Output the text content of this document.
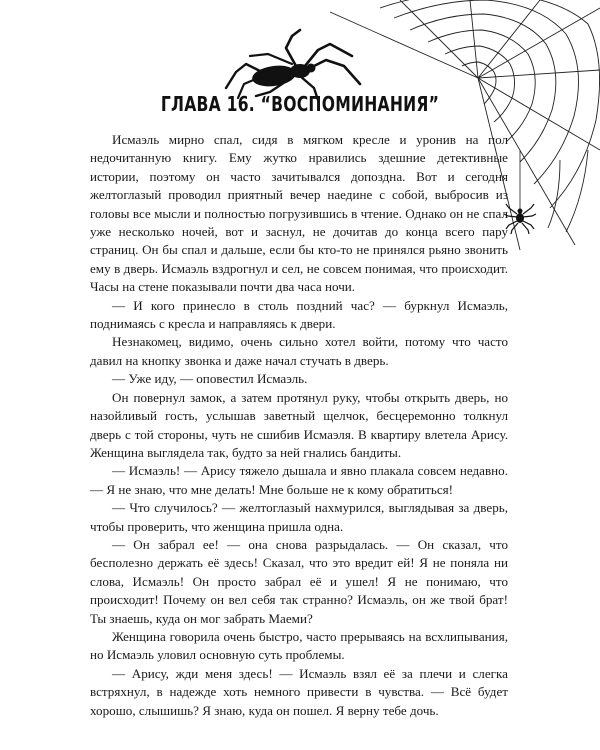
ГЛАВА 16. “ВОСПОМИНАНИЯ”

Исмаэль мирно спал, сидя в мягком кресле и уронив на пол недочитанную книгу. Ему жутко нравились здешние детективные истории, поэтому он часто зачитывался допоздна. Вот и сегодня желтоглазый проводил приятный вечер наедине с собой, выбросив из головы все мысли и полностью погрузившись в чтение. Однако он не спал уже несколько ночей, вот и заснул, не дочитав до конца всего пару страниц. Он бы спал и дальше, если бы кто-то не принялся рьяно звонить ему в дверь. Исмаэль вздрогнул и сел, не совсем понимая, что происходит. Часы на стене показывали почти два часа ночи.

— И кого принесло в столь поздний час? — буркнул Исмаэль, поднимаясь с кресла и направляясь к двери.

Незнакомец, видимо, очень сильно хотел войти, потому что часто давил на кнопку звонка и даже начал стучать в дверь.

— Уже иду, — оповестил Исмаэль.

Он повернул замок, а затем протянул руку, чтобы открыть дверь, но назойливый гость, услышав заветный щелчок, бесцеремонно толкнул дверь с той стороны, чуть не сшибив Исмаэля. В квартиру влетела Арису. Женщина выглядела так, будто за ней гнались бандиты.

— Исмаэль! — Арису тяжело дышала и явно плакала совсем недавно. — Я не знаю, что мне делать! Мне больше не к кому обратиться!

— Что случилось? — желтоглазый нахмурился, выглядывая за дверь, чтобы проверить, что женщина пришла одна.

— Он забрал ее! — она снова разрыдалась. — Он сказал, что бесполезно держать её здесь! Сказал, что это вредит ей! Я не поняла ни слова, Исмаэль! Он просто забрал её и ушел! Я не понимаю, что происходит! Почему он вел себя так странно? Исмаэль, он же твой брат! Ты знаешь, куда он мог забрать Маеми?

Женщина говорила очень быстро, часто прерываясь на всхлипывания, но Исмаэль уловил основную суть проблемы.

— Арису, жди меня здесь! — Исмаэль взял её за плечи и слегка встряхнул, в надежде хоть немного привести в чувства. — Всё будет хорошо, слышишь? Я знаю, куда он пошел. Я верну тебе дочь.
